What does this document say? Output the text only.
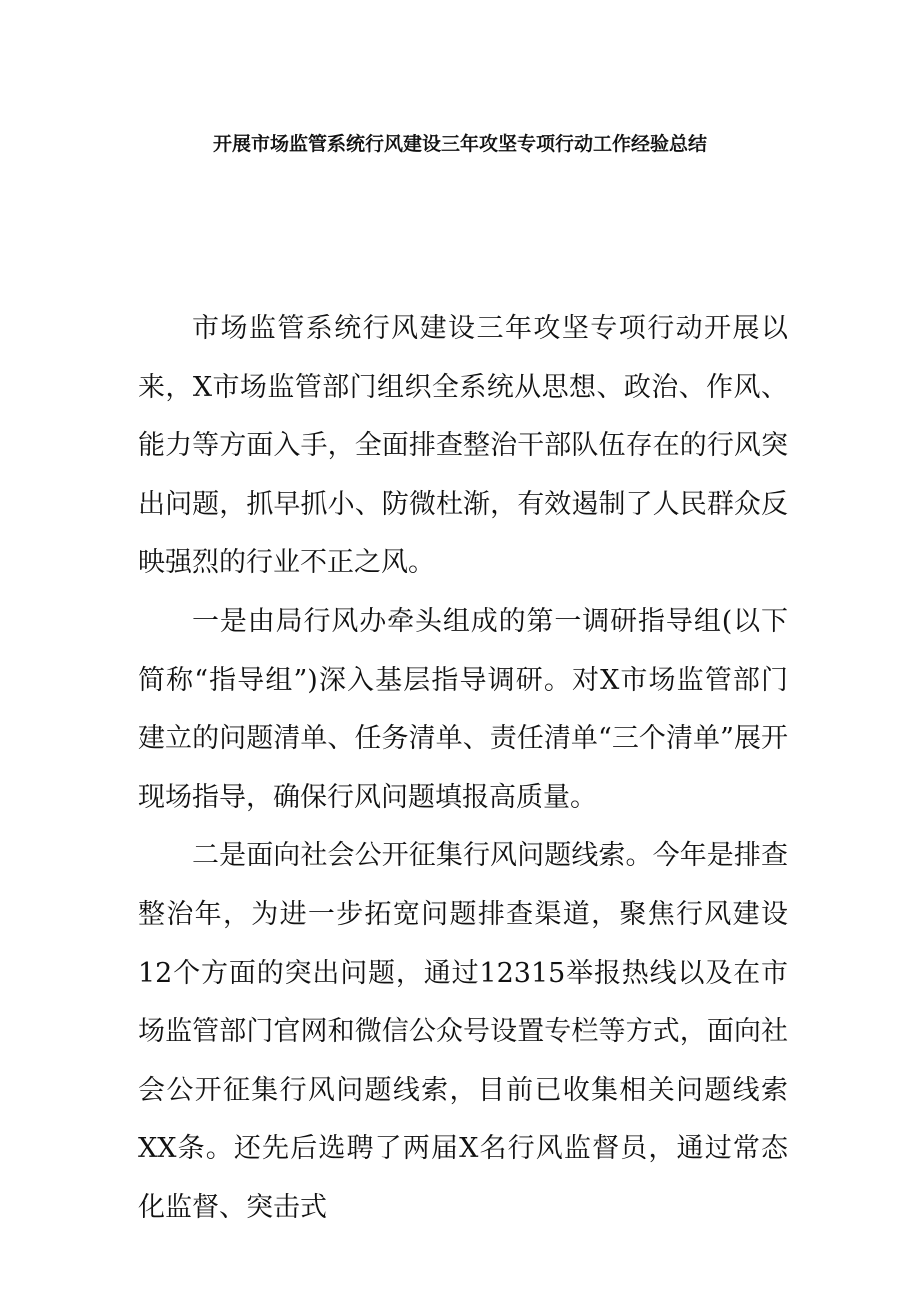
开展市场监管系统行风建设三年攻坚专项行动工作经验总结

市场监管系统行风建设三年攻坚专项行动开展以来，X市场监管部门组织全系统从思想、政治、作风、能力等方面入手，全面排查整治干部队伍存在的行风突出问题，抓早抓小、防微杜渐，有效遏制了人民群众反映强烈的行业不正之风。

一是由局行风办牵头组成的第一调研指导组(以下简称“指导组”)深入基层指导调研。对X市场监管部门建立的问题清单、任务清单、责任清单“三个清单”展开现场指导，确保行风问题填报高质量。

二是面向社会公开征集行风问题线索。今年是排查整治年，为进一步拓宽问题排查渠道，聚焦行风建设12个方面的突出问题，通过12315举报热线以及在市场监管部门官网和微信公众号设置专栏等方式，面向社会公开征集行风问题线索，目前已收集相关问题线索XX条。还先后选聘了两届X名行风监督员，通过常态化监督、突击式
